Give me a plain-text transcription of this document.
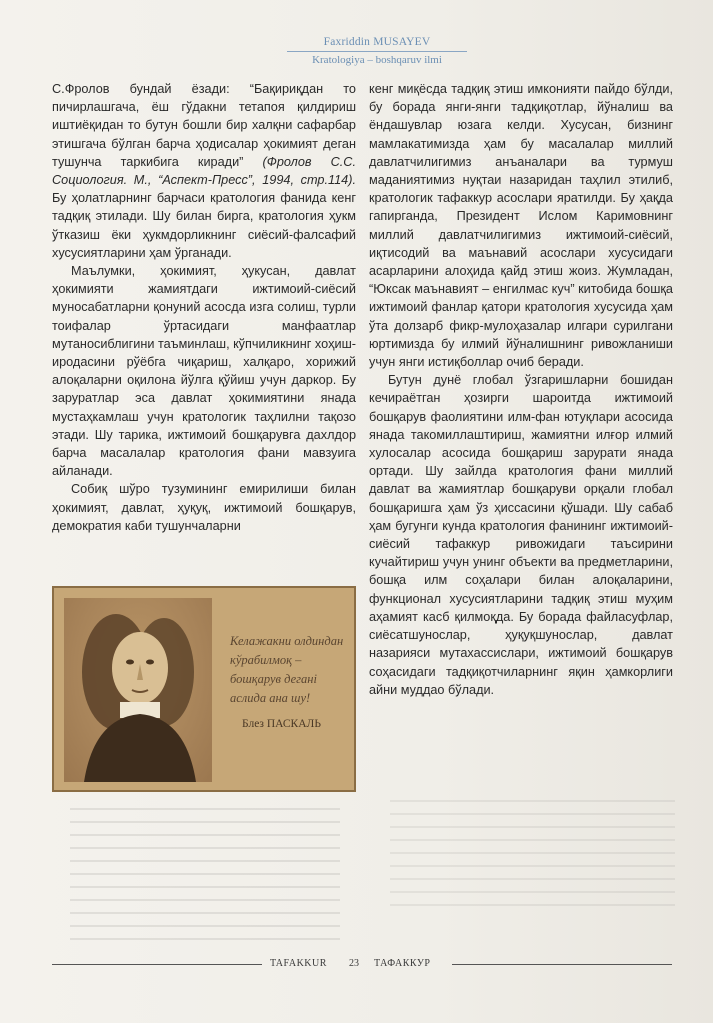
Faxriddin MUSAYEV

Kratologiya – boshqaruv ilmi

С.Фролов бундай ёзади: “Бақириқдан то пичирлашгача, ёш гўдакни тетапоя қилдириш иштиёқидан то бутун бошли бир халқни сафарбар этишгача бўлган барча ҳодисалар ҳокимият деган тушунча таркибига киради” (Фролов С.С. Социология. М., “Аспект-Пресс”, 1994, стр.114). Бу ҳолатларнинг барчаси кратология фанида кенг тадқиқ этилади. Шу билан бирга, кратология ҳукм ўтказиш ёки ҳукмдорликнинг сиёсий-фалсафий хусусиятларини ҳам ўрганади.

Маълумки, ҳокимият, ҳукусан, давлат ҳокимияти жамиятдаги ижтимоий-сиёсий муносабатларни қонуний асосда изга солиш, турли тоифалар ўртасидаги манфаатлар мутаносиблигини таъминлаш, кўпчиликнинг хоҳиш-иродасини рўёбга чиқариш, халқаро, хорижий алоқаларни оқилона йўлга қўйиш учун даркор. Бу заруратлар эса давлат ҳокимиятини янада мустаҳкамлаш учун кратологик таҳлилни тақозо этади. Шу тарика, ижтимоий бошқарувга дахлдор барча масалалар кратология фани мавзуига айланади.

Собиқ шўро тузумининг емирилиши билан ҳокимият, давлат, ҳуқуқ, ижтимоий бошқарув, демократия каби тушунчаларни

Келажакни олдиндан кўрабилмоқ – бошқарув деганi аслида ана шу!
Блез ПАСКАЛЬ

кенг миқёсда тадқиқ этиш имконияти пайдо бўлди, бу борада янги-янги тадқиқотлар, йўналиш ва ёндашувлар юзага келди. Хусусан, бизнинг мамлакатимизда ҳам бу масалалар миллий давлатчилигимиз анъаналари ва турмуш маданиятимиз нуқтаи назаридан таҳлил этилиб, кратологик тафаккур асослари яратилди. Бу ҳақда гапирганда, Президент Ислом Каримовнинг миллий давлатчилигимиз ижтимоий-сиёсий, иқтисодий ва маънавий асослари хусусидаги асарларини алоҳида қайд этиш жоиз. Жумладан, “Юксак маънавият – енгилмас куч” китобида бошқа ижтимоий фанлар қатори кратология хусусида ҳам ўта долзарб фикр-мулоҳазалар илгари сурилгани юртимизда бу илмий йўналишнинг ривожланиши учун янги истиқболлар очиб беради.

Бутун дунё глобал ўзгаришларни бошидан кечираётган ҳозирги шароитда ижтимоий бошқарув фаолиятини илм-фан ютуқлари асосида янада такомиллаштириш, жамиятни илғор илмий хулосалар асосида бошқариш зарурати янада ортади. Шу зайлда кратология фани миллий давлат ва жамиятлар бошқаруви орқали глобал бошқаришга ҳам ўз ҳиссасини қўшади. Шу сабаб ҳам бугунги кунда кратология фанининг ижтимоий-сиёсий тафаккур ривожидаги таъсирини кучайтириш учун унинг объекти ва предметларини, бошқа илм соҳалари билан алоқаларини, функционал хусусиятларини тадқиқ этиш муҳим аҳамият касб қилмоқда. Бу борада файласуфлар, сиёсатшунослар, ҳуқуқшунослар, давлат назарияси мутахассислари, ижтимоий бошқарув соҳасидаги тадқиқотчиларнинг яқин ҳамкорлиги айни муддао бўлади.

TAFAKKUR 23 ТАФАККУР
